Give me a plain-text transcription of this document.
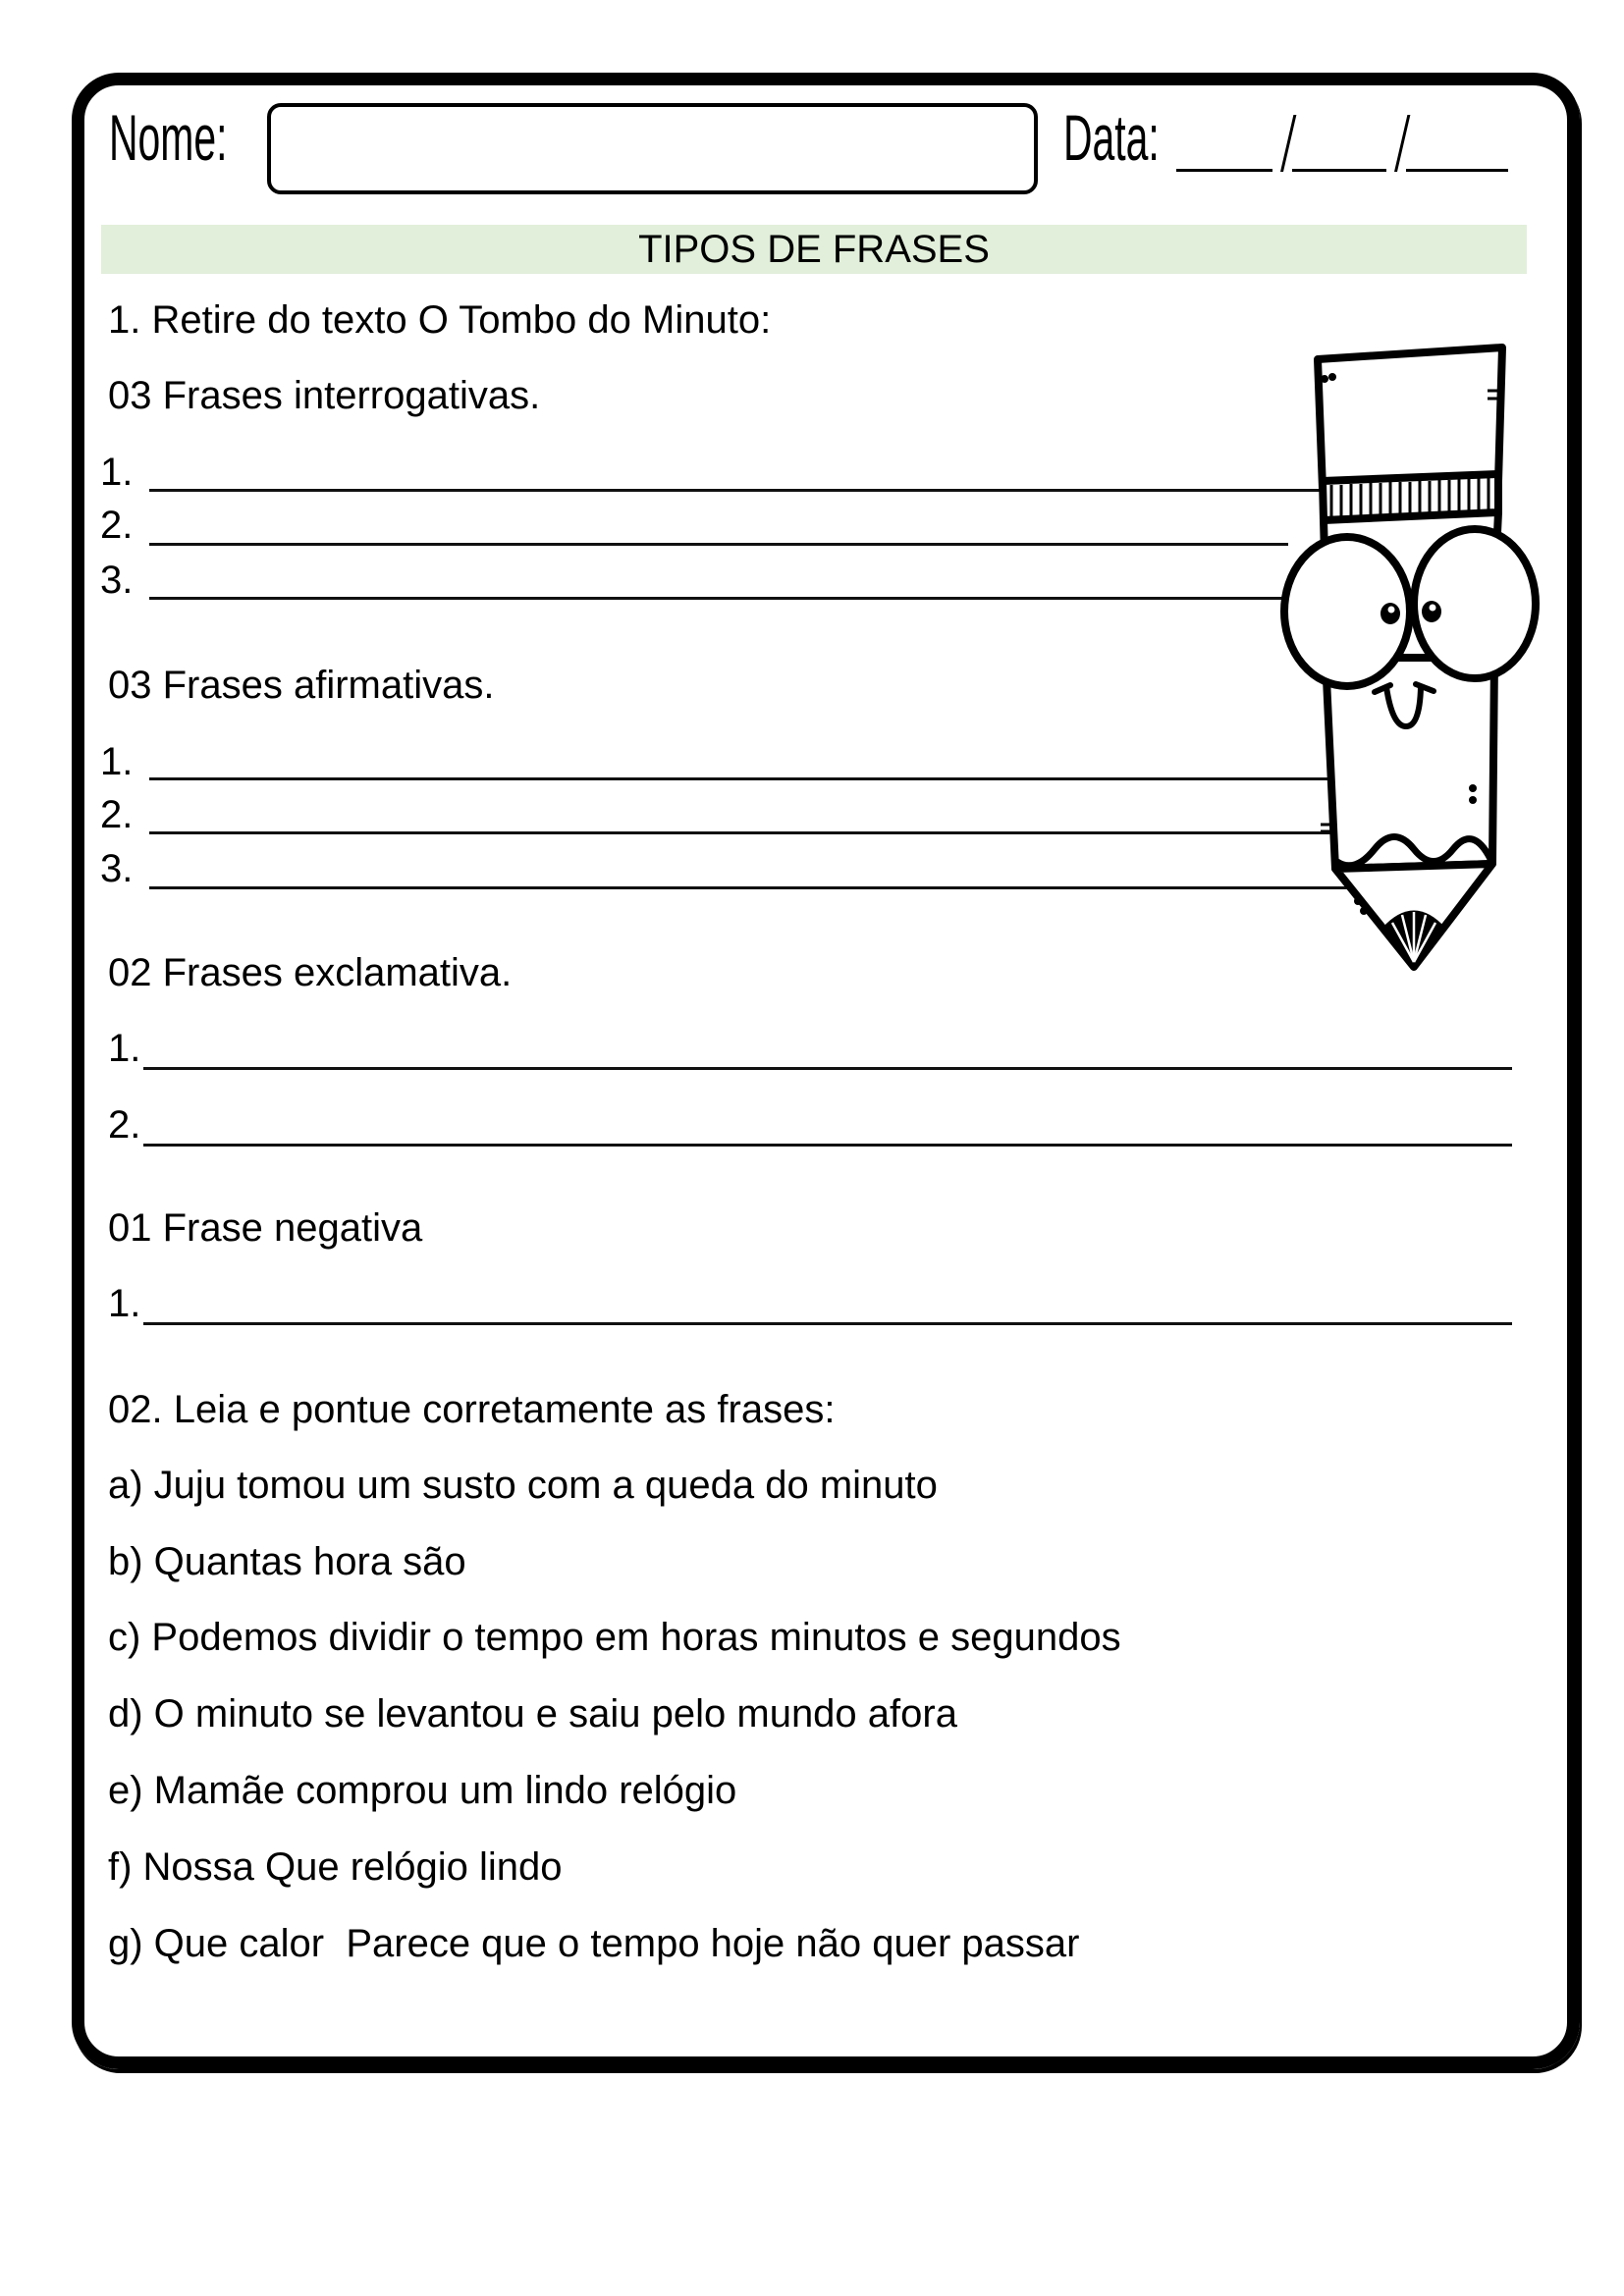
Nome:	Data:
TIPOS DE FRASES
1. Retire do texto O Tombo do Minuto:
03 Frases interrogativas.
1.
2.
3.
03 Frases afirmativas.
1.
2.
3.
02 Frases exclamativa.
1.
2.
01 Frase negativa
1.
02. Leia e pontue corretamente as frases:
a) Juju tomou um susto com a queda do minuto
b) Quantas hora são
c) Podemos dividir o tempo em horas minutos e segundos
d) O minuto se levantou e saiu pelo mundo afora
e) Mamãe comprou um lindo relógio
f) Nossa Que relógio lindo
g) Que calor  Parece que o tempo hoje não quer passar
